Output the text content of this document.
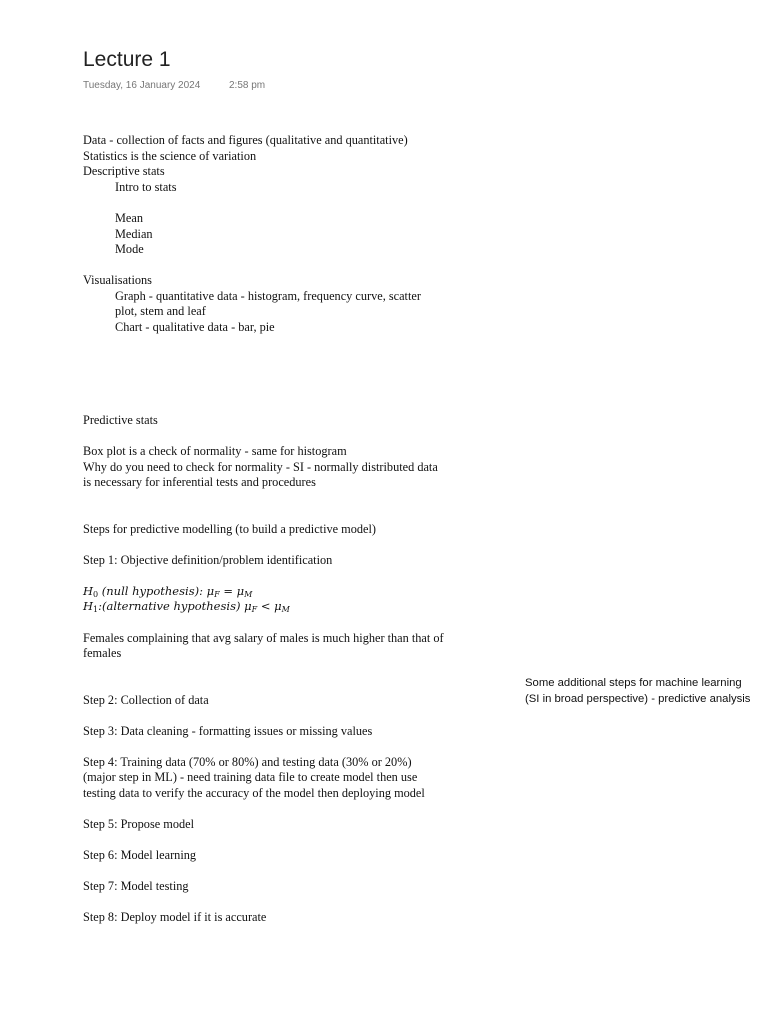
Lecture 1
Tuesday, 16 January 2024	2:58 pm
Data - collection of facts and figures (qualitative and quantitative)
Statistics is the science of variation
Descriptive stats
Intro to stats
Mean
Median
Mode
Visualisations
Graph - quantitative data - histogram, frequency curve, scatter
plot, stem and leaf
Chart - qualitative data - bar, pie
Predictive stats
Box plot is a check of normality - same for histogram
Why do you need to check for normality - SI - normally distributed data
is necessary for inferential tests and procedures
Steps for predictive modelling (to build a predictive model)
Step 1: Objective definition/problem identification
$H_0$ (null hypothesis): $\mu_F = \mu_M$
$H_1:(alternative$ hypothesis) $\mu_F < \mu_M$
Females complaining that avg salary of males is much higher than that of
females
Step 2: Collection of data
Step 3: Data cleaning - formatting issues or missing values
Step 4: Training data (70% or 80%) and testing data (30% or 20%)
(major step in ML) - need training data file to create model then use
testing data to verify the accuracy of the model then deploying model
Step 5: Propose model
Step 6: Model learning
Step 7: Model testing
Step 8: Deploy model if it is accurate
Some additional steps for machine learning
(SI in broad perspective) - predictive analysis
